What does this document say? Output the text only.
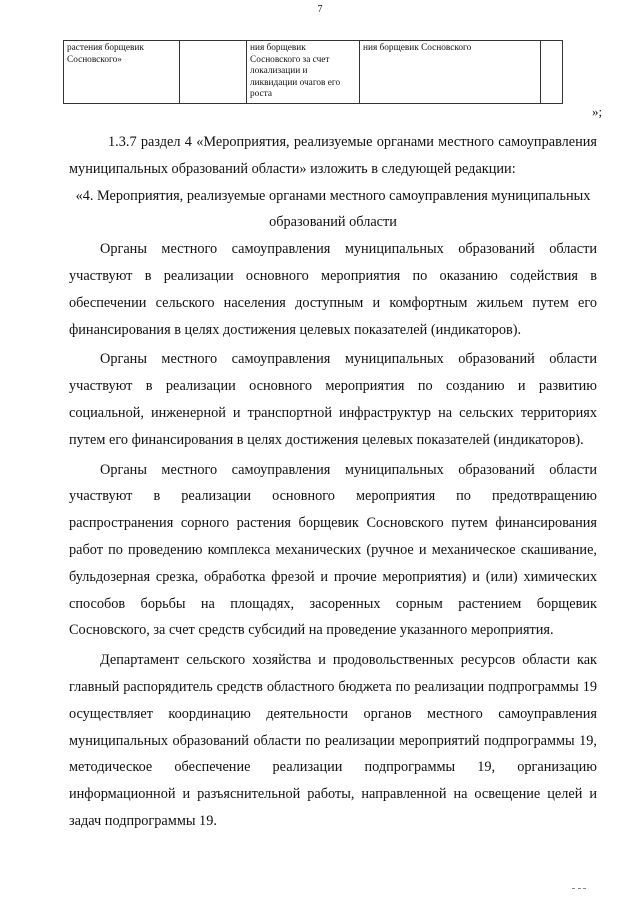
7
растения борщевик Сосновского»		ния борщевик Сосновского за счет локализации и ликвидации очагов его роста	ния борщевик Сосновского	
»;

1.3.7 раздел 4 «Мероприятия, реализуемые органами местного самоуправления муниципальных образований области» изложить в следующей редакции:

«4. Мероприятия, реализуемые органами местного самоуправления муниципальных образований области

Органы местного самоуправления муниципальных образований области участвуют в реализации основного мероприятия по оказанию содействия в обеспечении сельского населения доступным и комфортным жильем путем его финансирования в целях достижения целевых показателей (индикаторов).

Органы местного самоуправления муниципальных образований области участвуют в реализации основного мероприятия по созданию и развитию социальной, инженерной и транспортной инфраструктур на сельских территориях путем его финансирования в целях достижения целевых показателей (индикаторов).

Органы местного самоуправления муниципальных образований области участвуют в реализации основного мероприятия по предотвращению распространения сорного растения борщевик Сосновского путем финансирования работ по проведению комплекса механических (ручное и механическое скашивание, бульдозерная срезка, обработка фрезой и прочие мероприятия) и (или) химических способов борьбы на площадях, засоренных сорным растением борщевик Сосновского, за счет средств субсидий на проведение указанного мероприятия.

Департамент сельского хозяйства и продовольственных ресурсов области как главный распорядитель средств областного бюджета по реализации подпрограммы 19 осуществляет координацию деятельности органов местного самоуправления муниципальных образований области по реализации мероприятий подпрограммы 19, методическое обеспечение реализации подпрограммы 19, организацию информационной и разъяснительной работы, направленной на освещение целей и задач подпрограммы 19.
